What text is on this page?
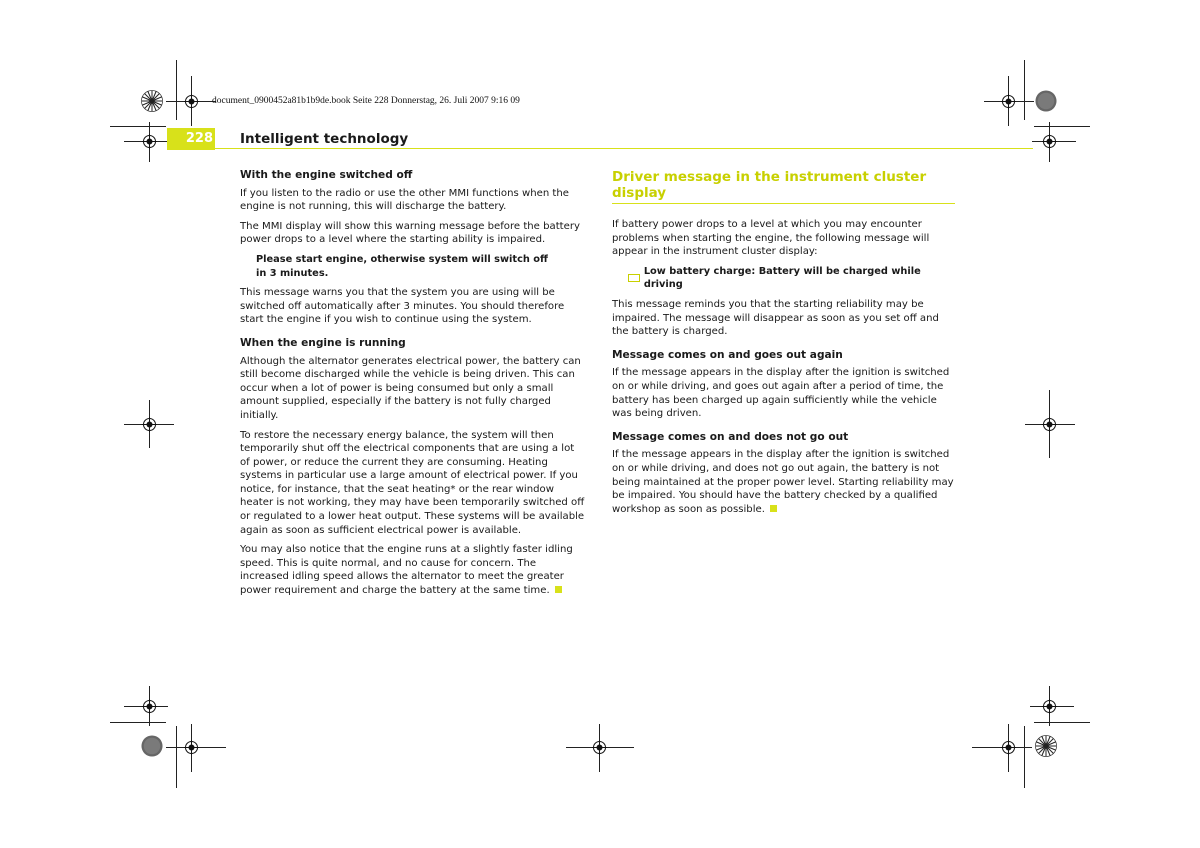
document_0900452a81b1b9de.book Seite 228 Donnerstag, 26. Juli 2007 9:16 09
228 Intelligent technology
With the engine switched off

If you listen to the radio or use the other MMI functions when the engine is not running, this will discharge the battery.

The MMI display will show this warning message before the battery power drops to a level where the starting ability is impaired.

Please start engine, otherwise system will switch off
in 3 minutes.

This message warns you that the system you are using will be switched off automatically after 3 minutes. You should therefore start the engine if you wish to continue using the system.

When the engine is running

Although the alternator generates electrical power, the battery can still become discharged while the vehicle is being driven. This can occur when a lot of power is being consumed but only a small amount supplied, especially if the battery is not fully charged initially.

To restore the necessary energy balance, the system will then temporarily shut off the electrical components that are using a lot of power, or reduce the current they are consuming. Heating systems in particular use a large amount of electrical power. If you notice, for instance, that the seat heating* or the rear window heater is not working, they may have been temporarily switched off or regulated to a lower heat output. These systems will be available again as soon as sufficient electrical power is available.

You may also notice that the engine runs at a slightly faster idling speed. This is quite normal, and no cause for concern. The increased idling speed allows the alternator to meet the greater power requirement and charge the battery at the same time.

Driver message in the instrument cluster display

If battery power drops to a level at which you may encounter problems when starting the engine, the following message will appear in the instrument cluster display:

Low battery charge: Battery will be charged while driving

This message reminds you that the starting reliability may be impaired. The message will disappear as soon as you set off and the battery is charged.

Message comes on and goes out again

If the message appears in the display after the ignition is switched on or while driving, and goes out again after a period of time, the battery has been charged up again sufficiently while the vehicle was being driven.

Message comes on and does not go out

If the message appears in the display after the ignition is switched on or while driving, and does not go out again, the battery is not being maintained at the proper power level. Starting reliability may be impaired. You should have the battery checked by a qualified workshop as soon as possible.
